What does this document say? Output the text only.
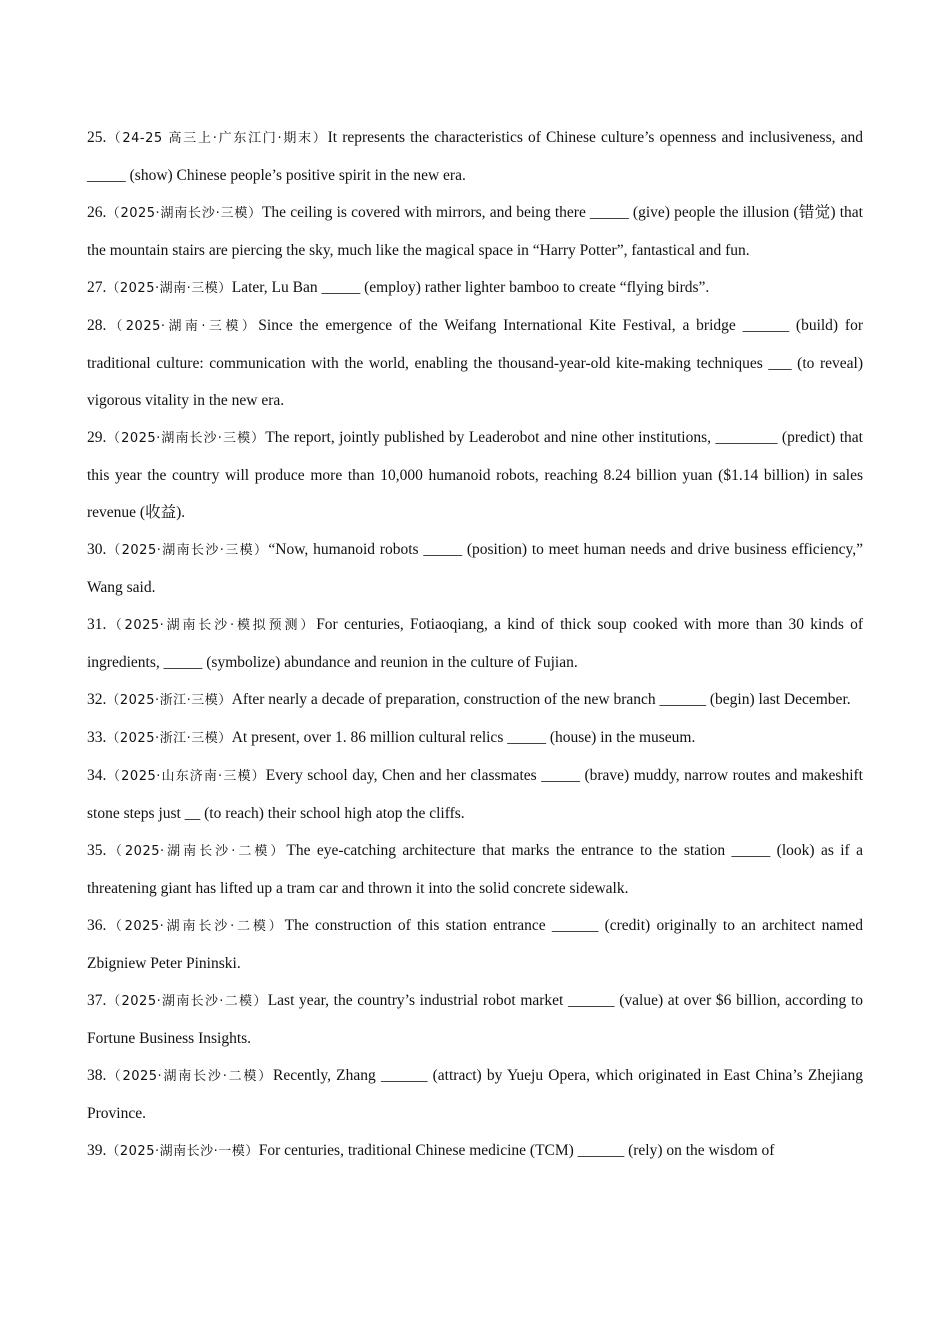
25.（24-25 高三上·广东江门·期末）It represents the characteristics of Chinese culture’s openness and inclusiveness, and _____ (show) Chinese people’s positive spirit in the new era.

26.（2025·湖南长沙·三模）The ceiling is covered with mirrors, and being there _____ (give) people the illusion (错觉) that the mountain stairs are piercing the sky, much like the magical space in “Harry Potter”, fantastical and fun.

27.（2025·湖南·三模）Later, Lu Ban _____ (employ) rather lighter bamboo to create “flying birds”.

28.（2025·湖南·三模）Since the emergence of the Weifang International Kite Festival, a bridge ______ (build) for traditional culture: communication with the world, enabling the thousand-year-old kite-making techniques ___ (to reveal) vigorous vitality in the new era.

29.（2025·湖南长沙·三模）The report, jointly published by Leaderobot and nine other institutions, ________ (predict) that this year the country will produce more than 10,000 humanoid robots, reaching 8.24 billion yuan ($1.14 billion) in sales revenue (收益).

30.（2025·湖南长沙·三模）“Now, humanoid robots _____ (position) to meet human needs and drive business efficiency,” Wang said.

31.（2025·湖南长沙·模拟预测）For centuries, Fotiaoqiang, a kind of thick soup cooked with more than 30 kinds of ingredients, _____ (symbolize) abundance and reunion in the culture of Fujian.

32.（2025·浙江·三模）After nearly a decade of preparation, construction of the new branch ______ (begin) last December.

33.（2025·浙江·三模）At present, over 1. 86 million cultural relics _____ (house) in the museum.

34.（2025·山东济南·三模）Every school day, Chen and her classmates _____ (brave) muddy, narrow routes and makeshift stone steps just __ (to reach) their school high atop the cliffs.

35.（2025·湖南长沙·二模）The eye-catching architecture that marks the entrance to the station _____ (look) as if a threatening giant has lifted up a tram car and thrown it into the solid concrete sidewalk.

36.（2025·湖南长沙·二模）The construction of this station entrance ______ (credit) originally to an architect named Zbigniew Peter Pininski.

37.（2025·湖南长沙·二模）Last year, the country’s industrial robot market ______ (value) at over $6 billion, according to Fortune Business Insights.

38.（2025·湖南长沙·二模）Recently, Zhang ______ (attract) by Yueju Opera, which originated in East China’s Zhejiang Province.

39.（2025·湖南长沙·一模）For centuries, traditional Chinese medicine (TCM) ______ (rely) on the wisdom of
